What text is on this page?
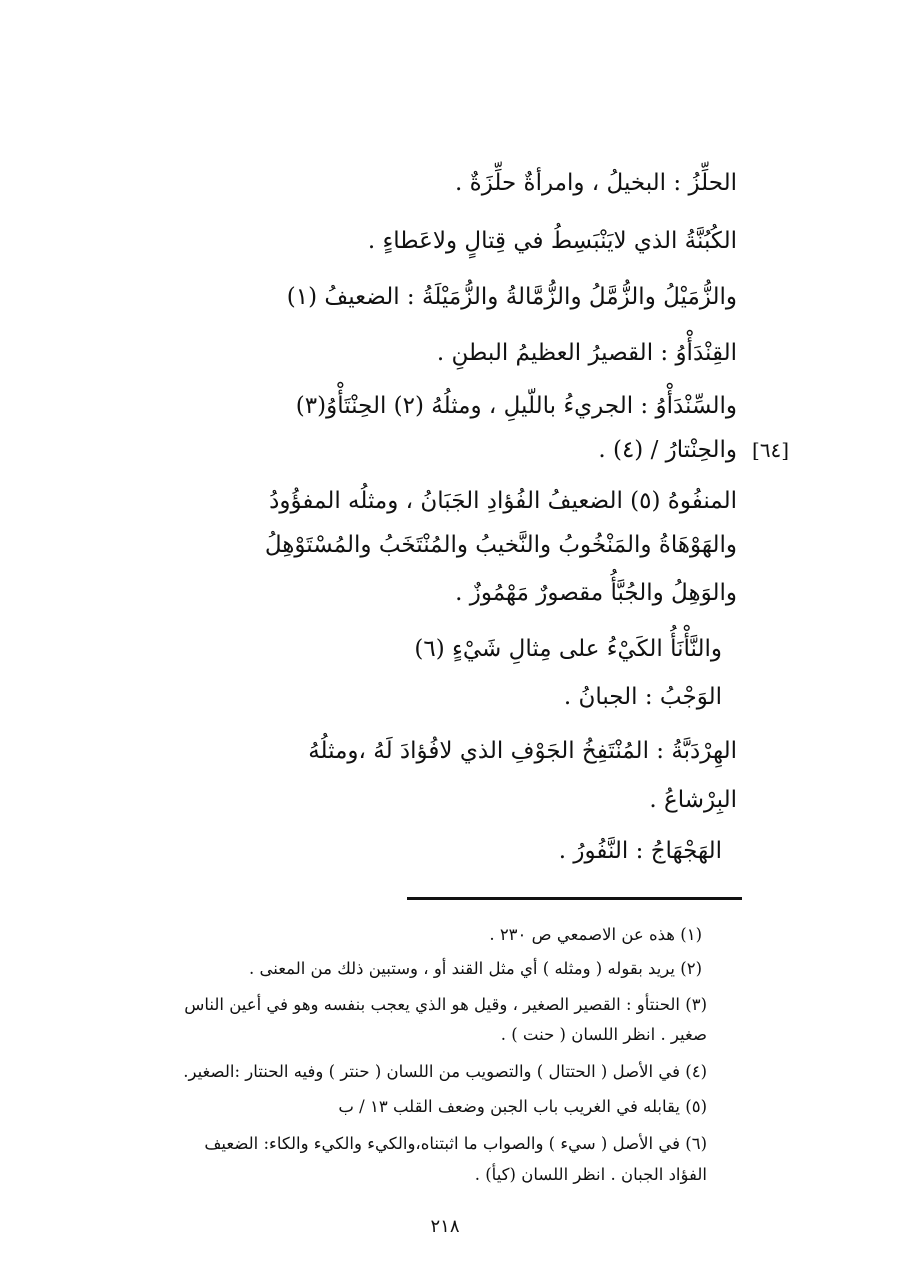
الحلِّزُ : البخيلُ ، وامرأةٌ حلِّزَةٌ .
الكُبُنَّةُ الذي لايَنْبَسِطُ في قِتالٍ ولاعَطاءٍ .
والزُّمَيْلُ والزُّمَّلُ والزُّمَّالةُ والزُّمَيْلَةُ : الضعيفُ (١)
القِنْدَأْوُ : القصيرُ العظيمُ البطنِ .
والسِّنْدَأْوُ : الجريءُ باللّيلِ ، ومثلُهُ (٢) الحِنْتَأْوُ(٣)
[٦٤]
والحِنْتارُ / (٤) .
المنفُوهُ (٥) الضعيفُ الفُؤادِ الجَبَانُ ، ومثلُه المفؤُودُ
والهَوْهَاةُ والمَنْخُوبُ والنَّخيبُ والمُنْتَخَبُ والمُسْتَوْهِلُ
والوَهِلُ والجُبَّأُ مقصورٌ مَهْمُوزٌ .
والنَّأْنَأُ الكَيْءُ على مِثالِ شَيْءٍ (٦)
الوَجْبُ : الجبانُ .
الهِرْدَبَّةُ : المُنْتَفِخُ الجَوْفِ الذي لافُؤادَ لَهُ ،ومثلُهُ
البِرْشاعُ .
الهَجْهَاجُ : النَّفُورُ .
(١) هذه عن الاصمعي ص ٢٣٠ .
(٢) يريد بقوله ( ومثله ) أي مثل القند أو ، وستبين ذلك من المعنى .
(٣) الحنتأو : القصير الصغير ، وقيل هو الذي يعجب بنفسه وهو في أعين الناس
صغير . انظر اللسان ( حنت ) .
(٤) في الأصل ( الحتتال ) والتصويب من اللسان ( حنتر ) وفيه الحنتار :الصغير.
(٥) يقابله في الغريب باب الجبن وضعف القلب ١٣ / ب
(٦) في الأصل ( سيء ) والصواب ما اثبتناه،والكيء والكيء والكاء: الضعيف
الفؤاد الجبان . انظر اللسان (كيأ) .
٢١٨
